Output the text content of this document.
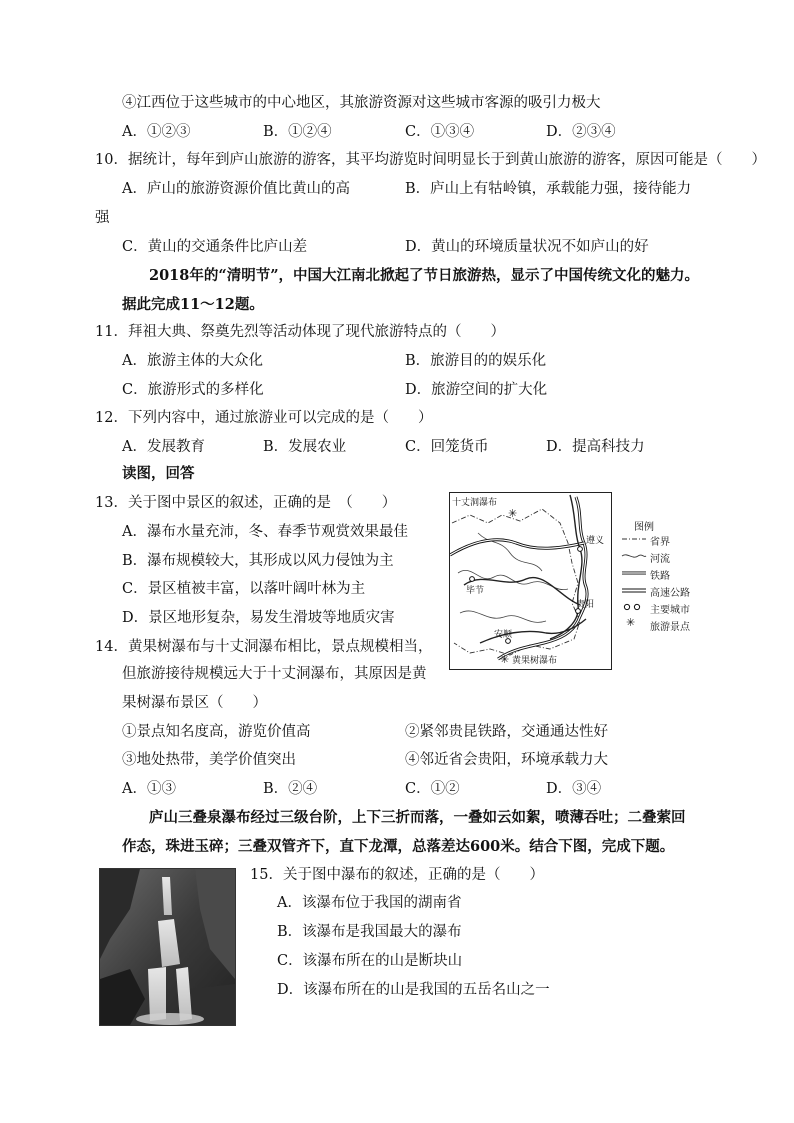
④江西位于这些城市的中心地区，其旅游资源对这些城市客源的吸引力极大
A．①②③	B．①②④	C．①③④	D．②③④
10．据统计，每年到庐山旅游的游客，其平均游览时间明显长于到黄山旅游的游客，原因可能是（　　）
A．庐山的旅游资源价值比黄山的高	B．庐山上有牯岭镇，承载能力强，接待能力
强
C．黄山的交通条件比庐山差	D．黄山的环境质量状况不如庐山的好
2018年的“清明节”，中国大江南北掀起了节日旅游热，显示了中国传统文化的魅力。
据此完成11～12题。
11．拜祖大典、祭奠先烈等活动体现了现代旅游特点的（　　）
A．旅游主体的大众化	B．旅游目的的娱乐化
C．旅游形式的多样化	D．旅游空间的扩大化
12．下列内容中，通过旅游业可以完成的是（　　）
A．发展教育	B．发展农业	C．回笼货币	D．提高科技力
读图，回答
13．关于图中景区的叙述，正确的是　（　　）
A．瀑布水量充沛，冬、春季节观赏效果最佳
B．瀑布规模较大，其形成以风力侵蚀为主
C．景区植被丰富，以落叶阔叶林为主
D．景区地形复杂，易发生滑坡等地质灾害
14．黄果树瀑布与十丈洞瀑布相比，景点规模相当，
但旅游接待规模远大于十丈洞瀑布，其原因是黄
果树瀑布景区（　　）
①景点知名度高，游览价值高	②紧邻贵昆铁路，交通通达性好
③地处热带，美学价值突出	④邻近省会贵阳，环境承载力大
A．①③	B．②④	C．①②	D．③④
✳
✳
十丈洞瀑布
遵义
毕节
贵阳
安顺
黄果树瀑布
图例
省界
河流
铁路
高速公路
主要城市
✳ 旅游景点
庐山三叠泉瀑布经过三级台阶，上下三折而落，一叠如云如絮，喷薄吞吐；二叠萦回
作态，珠进玉碎；三叠双管齐下，直下龙潭，总落差达600米。结合下图，完成下题。
15．关于图中瀑布的叙述，正确的是（　　）
A．该瀑布位于我国的湖南省
B．该瀑布是我国最大的瀑布
C．该瀑布所在的山是断块山
D．该瀑布所在的山是我国的五岳名山之一
